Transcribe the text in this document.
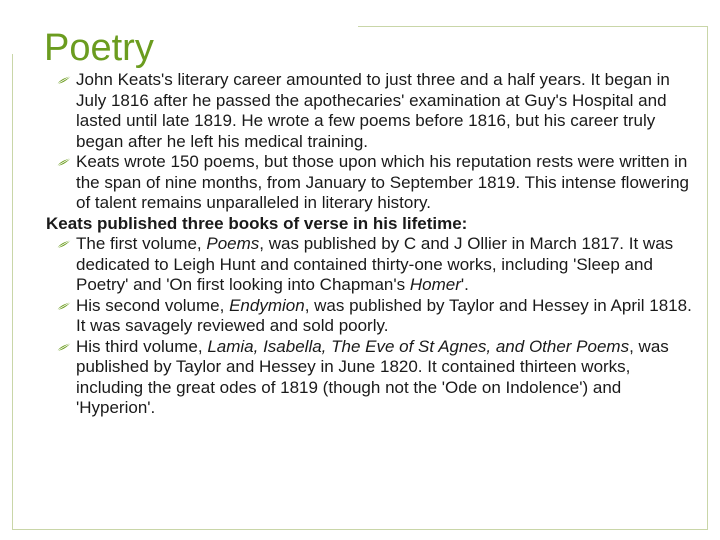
Poetry
John Keats's literary career amounted to just three and a half years. It began in July 1816 after he passed the apothecaries' examination at Guy's Hospital and lasted until late 1819. He wrote a few poems before 1816, but his career truly began after he left his medical training.
Keats wrote 150 poems, but those upon which his reputation rests were written in the span of nine months, from January to September 1819. This intense flowering of talent remains unparalleled in literary history.
Keats published three books of verse in his lifetime:
The first volume, Poems, was published by C and J Ollier in March 1817. It was dedicated to Leigh Hunt and contained thirty-one works, including 'Sleep and Poetry' and 'On first looking into Chapman's Homer'.
His second volume, Endymion, was published by Taylor and Hessey in April 1818. It was savagely reviewed and sold poorly.
His third volume, Lamia, Isabella, The Eve of St Agnes, and Other Poems, was published by Taylor and Hessey in June 1820. It contained thirteen works, including the great odes of 1819 (though not the 'Ode on Indolence') and 'Hyperion'.
